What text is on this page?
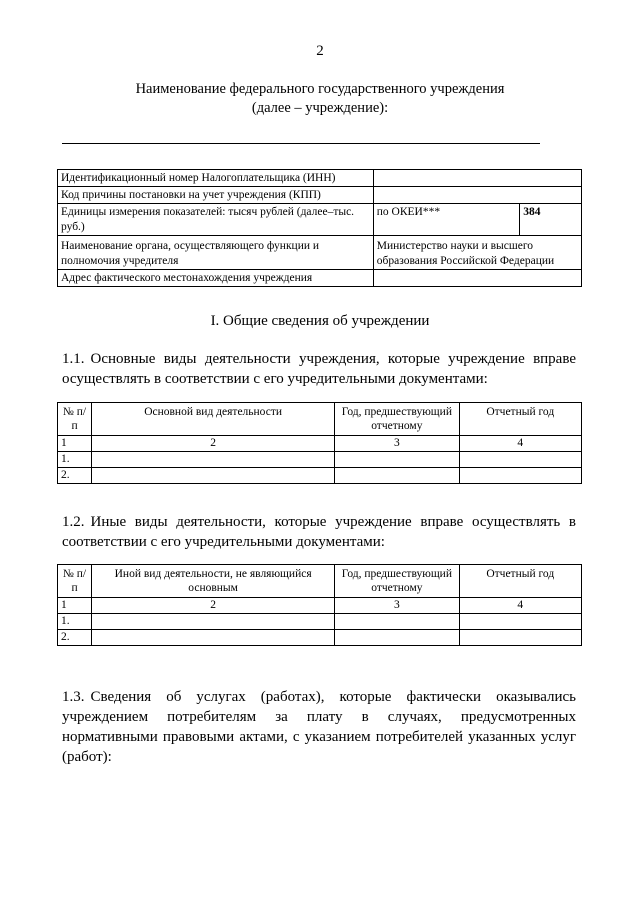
2
Наименование федерального государственного учреждения
(далее – учреждение):
Идентификационный номер Налогоплательщика (ИНН)		
Код причины постановки на учет учреждения (КПП)		
Единицы измерения показателей: тысяч рублей (далее–тыс. руб.)	по ОКЕИ***	384
Наименование органа, осуществляющего функции и полномочия учредителя	Министерство науки и высшего образования Российской Федерации	
Адрес фактического местонахождения учреждения		
I. Общие сведения об учреждении
1.1. Основные виды деятельности учреждения, которые учреждение вправе осуществлять в соответствии с его учредительными документами:
№ п/п	Основной вид деятельности	Год, предшествующий отчетному	Отчетный год
1	2	3	4
1.			
2.			
1.2. Иные виды деятельности, которые учреждение вправе осуществлять в соответствии с его учредительными документами:
№ п/п	Иной вид деятельности, не являющийся основным	Год, предшествующий отчетному	Отчетный год
1	2	3	4
1.			
2.			
1.3. Сведения об услугах (работах), которые фактически оказывались учреждением потребителям за плату в случаях, предусмотренных нормативными правовыми актами, с указанием потребителей указанных услуг (работ):
